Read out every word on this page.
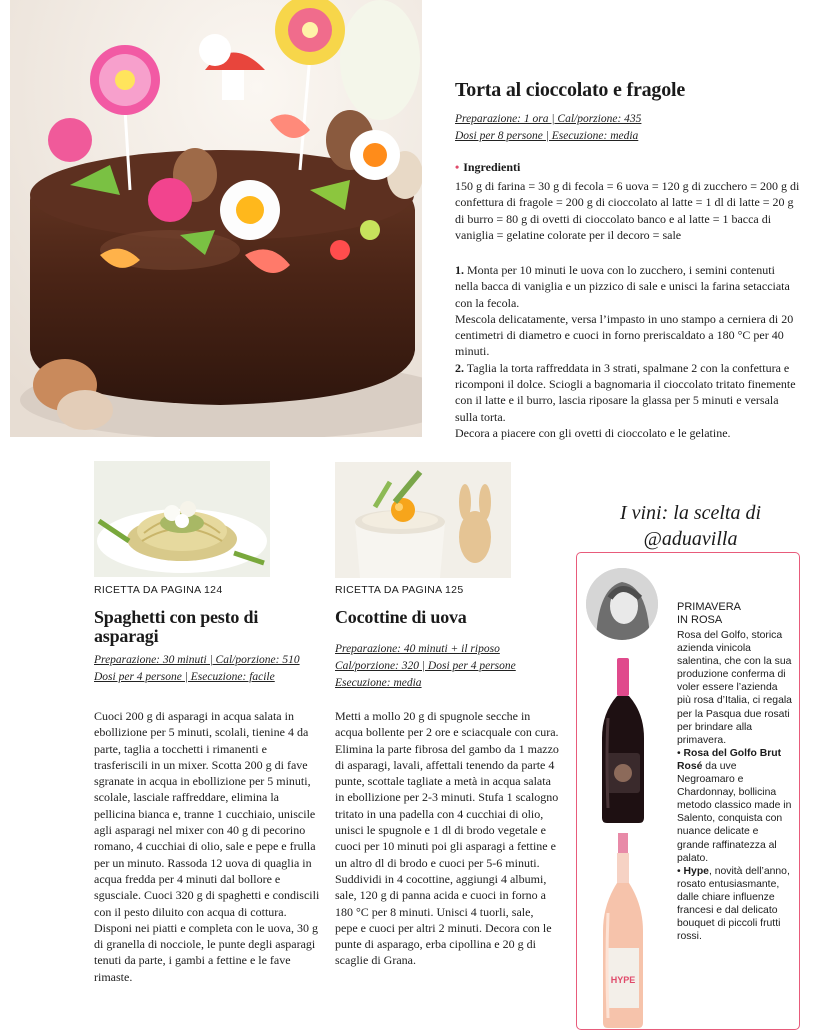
Torta al cioccolato e fragole
Preparazione: 1 ora | Cal/porzione: 435
Dosi per 8 persone | Esecuzione: media
• Ingredienti
150 g di farina = 30 g di fecola = 6 uova = 120 g di zucchero = 200 g di confettura di fragole = 200 g di cioccolato al latte = 1 dl di latte = 20 g di burro = 80 g di ovetti di cioccolato banco e al latte = 1 bacca di vaniglia = gelatine colorate per il decoro = sale

1. Monta per 10 minuti le uova con lo zucchero, i semini contenuti nella bacca di vaniglia e un pizzico di sale e unisci la farina setacciata con la fecola.

Mescola delicatamente, versa l’impasto in uno stampo a cerniera di 20 centimetri di diametro e cuoci in forno preriscaldato a 180 °C per 40 minuti.

2. Taglia la torta raffreddata in 3 strati, spalmane 2 con la confettura e ricomponi il dolce. Sciogli a bagnomaria il cioccolato tritato finemente con il latte e il burro, lascia riposare la glassa per 5 minuti e versala sulla torta.

Decora a piacere con gli ovetti di cioccolato e le gelatine.

RICETTA DA PAGINA 124	RICETTA DA PAGINA 125
Spaghetti con pesto di asparagi
Cocottine di uova
Preparazione: 30 minuti | Cal/porzione: 510
Dosi per 4 persone | Esecuzione: facile
Preparazione: 40 minuti + il riposo
Cal/porzione: 320 | Dosi per 4 persone
Esecuzione: media
Cuoci 200 g di asparagi in acqua salata in ebollizione per 5 minuti, scolali, tienine 4 da parte, taglia a tocchetti i rimanenti e trasferiscili in un mixer. Scotta 200 g di fave sgranate in acqua in ebollizione per 5 minuti, scolale, lasciale raffreddare, elimina la pellicina bianca e, tranne 1 cucchiaio, uniscile agli asparagi nel mixer con 40 g di pecorino romano, 4 cucchiai di olio, sale e pepe e frulla per un minuto. Rassoda 12 uova di quaglia in acqua fredda per 4 minuti dal bollore e sgusciale. Cuoci 320 g di spaghetti e condiscili con il pesto diluito con acqua di cottura. Disponi nei piatti e completa con le uova, 30 g di granella di nocciole, le punte degli asparagi tenuti da parte, i gambi a fettine e le fave rimaste.
Metti a mollo 20 g di spugnole secche in acqua bollente per 2 ore e sciacquale con cura. Elimina la parte fibrosa del gambo da 1 mazzo di asparagi, lavali, affettali tenendo da parte 4 punte, scottale tagliate a metà in acqua salata in ebollizione per 2-3 minuti. Stufa 1 scalogno tritato in una padella con 4 cucchiai di olio, unisci le spugnole e 1 dl di brodo vegetale e cuoci per 10 minuti poi gli asparagi a fettine e un altro dl di brodo e cuoci per 5-6 minuti. Suddividi in 4 cocottine, aggiungi 4 albumi, sale, 120 g di panna acida e cuoci in forno a 180 °C per 8 minuti. Unisci 4 tuorli, sale, pepe e cuoci per altri 2 minuti. Decora con le punte di asparago, erba cipollina e 20 g di scaglie di Grana.
I vini: la scelta di @aduavilla
PRIMAVERA
IN ROSA
Rosa del Golfo, storica azienda vinicola salentina, che con la sua produzione conferma di voler essere l’azienda più rosa d’Italia, ci regala per la Pasqua due rosati per brindare alla primavera.
• Rosa del Golfo Brut Rosé da uve Negroamaro e Chardonnay, bollicina metodo classico made in Salento, conquista con nuance delicate e grande raffinatezza al palato.
• Hype, novità dell’anno, rosato entusiasmante, dalle chiare influenze francesi e dal delicato bouquet di piccoli frutti rossi.
HYPE
